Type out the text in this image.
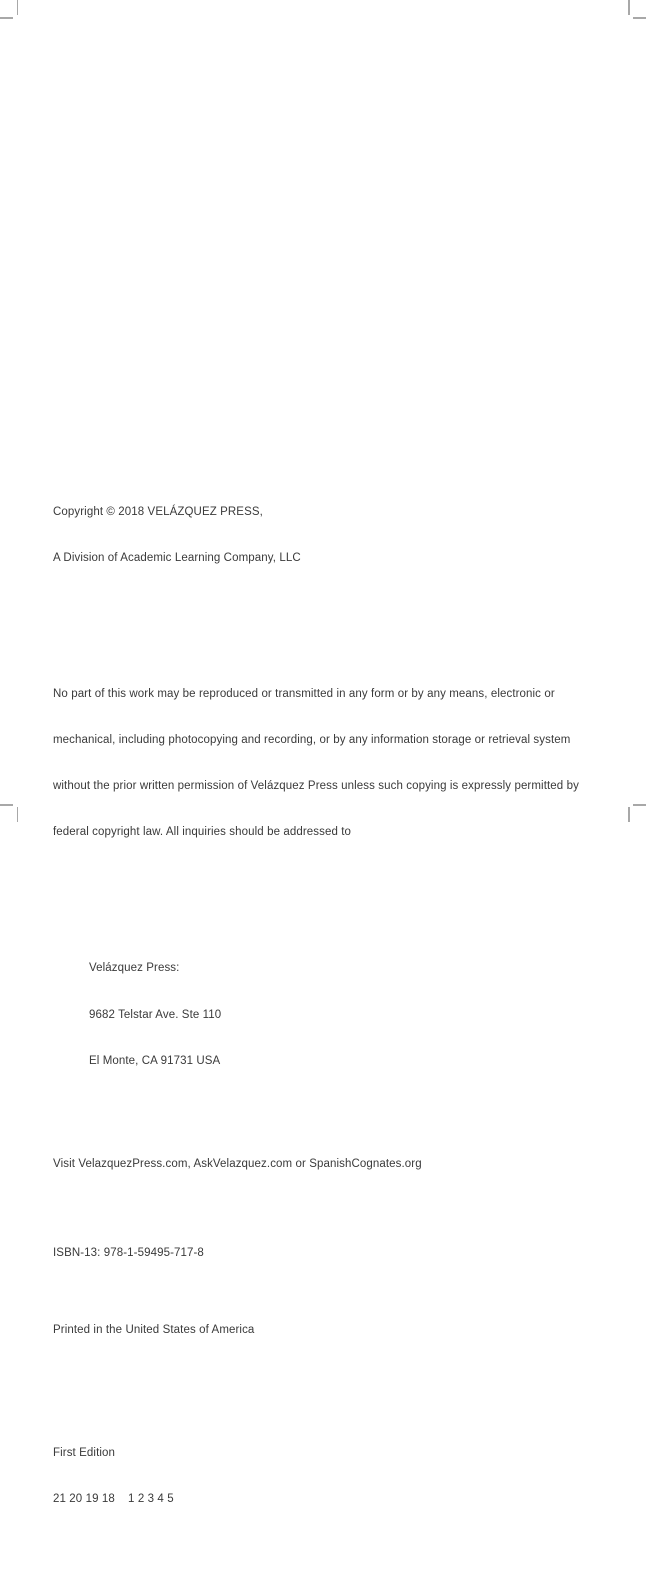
Copyright © 2018 VELÁZQUEZ PRESS,

A Division of Academic Learning Company, LLC

No part of this work may be reproduced or transmitted in any form or by any means, electronic or

mechanical, including photocopying and recording, or by any information storage or retrieval system

without the prior written permission of Velázquez Press unless such copying is expressly permitted by

federal copyright law. All inquiries should be addressed to

Velázquez Press:

9682 Telstar Ave. Ste 110

El Monte, CA 91731 USA

Visit VelazquezPress.com, AskVelazquez.com or SpanishCognates.org

ISBN-13: 978-1-59495-717-8

Printed in the United States of America

First Edition

21 20 19 18    1 2 3 4 5
